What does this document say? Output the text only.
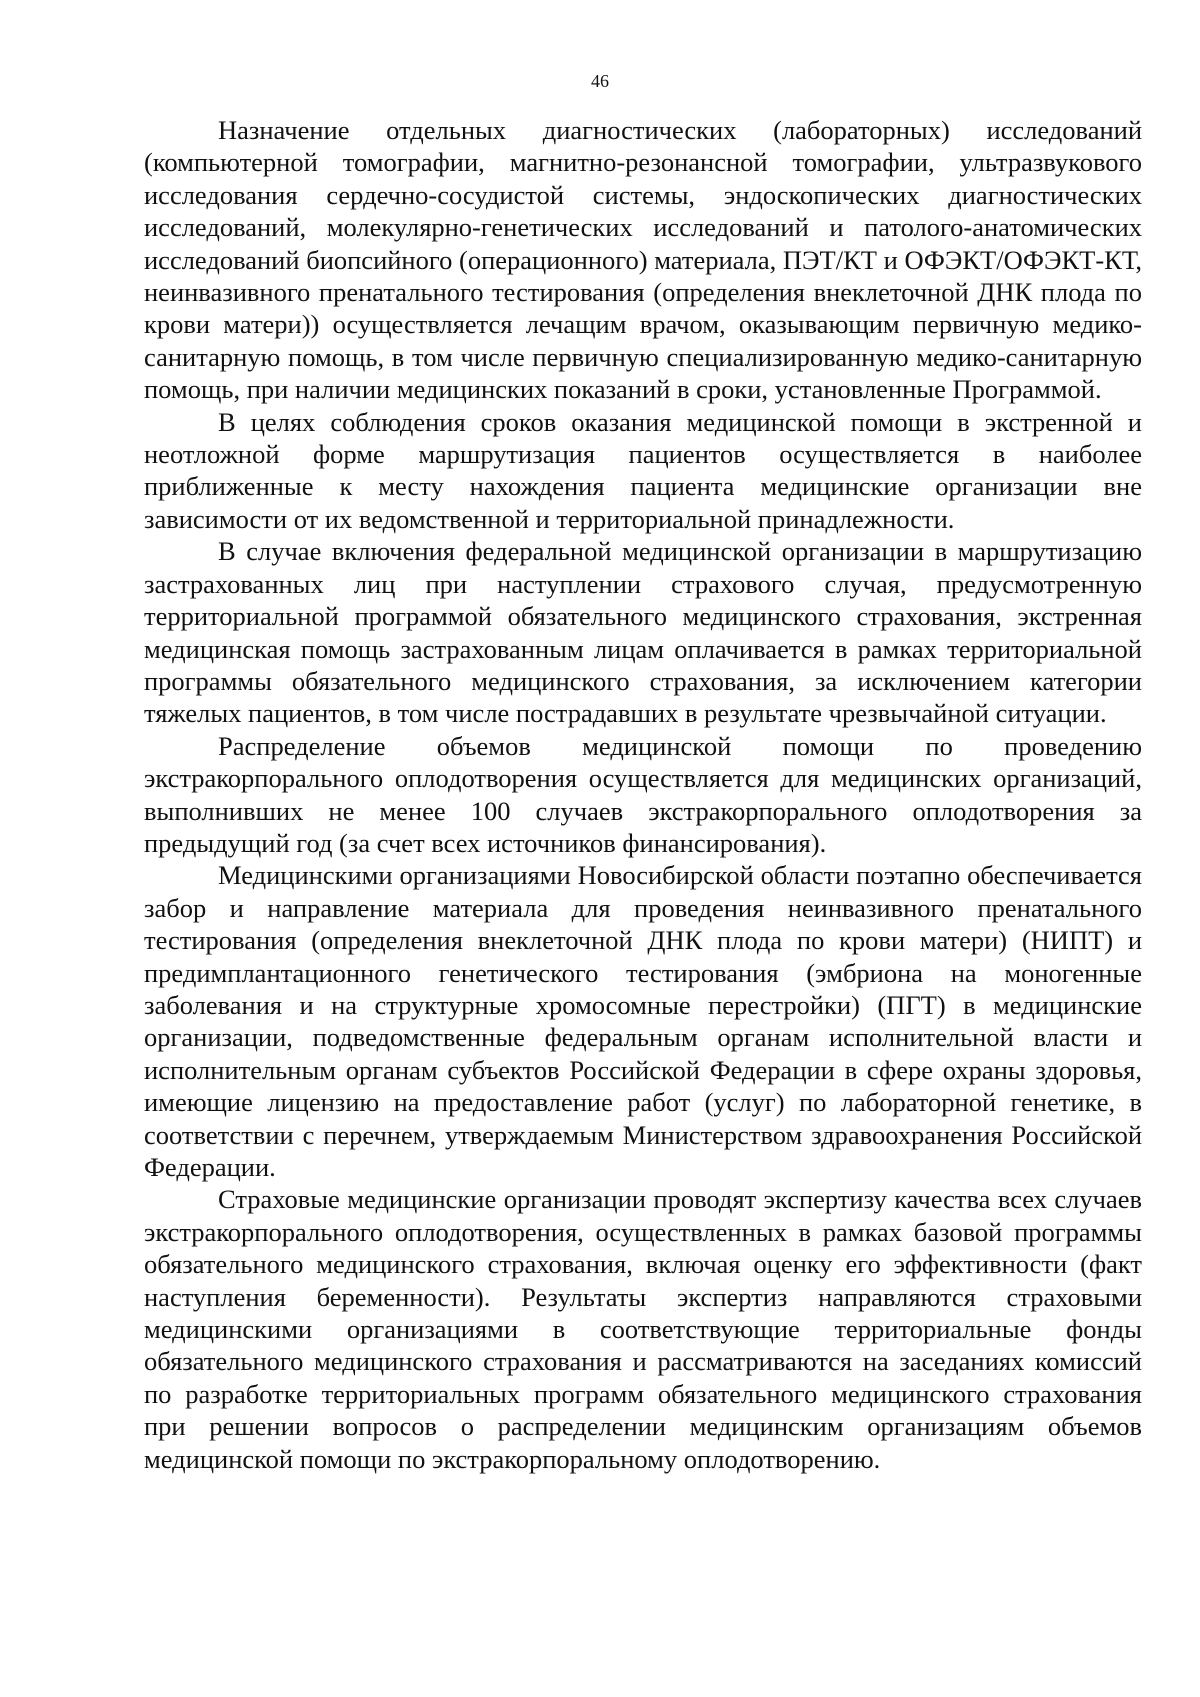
46

Назначение отдельных диагностических (лабораторных) исследований (компьютерной томографии, магнитно-резонансной томографии, ультразвукового исследования сердечно-сосудистой системы, эндоскопических диагностических исследований, молекулярно-генетических исследований и патолого-анатомических исследований биопсийного (операционного) материала, ПЭТ/КТ и ОФЭКТ/ОФЭКТ-КТ, неинвазивного пренатального тестирования (определения внеклеточной ДНК плода по крови матери)) осуществляется лечащим врачом, оказывающим первичную медико-санитарную помощь, в том числе первичную специализированную медико-санитарную помощь, при наличии медицинских показаний в сроки, установленные Программой.

В целях соблюдения сроков оказания медицинской помощи в экстренной и неотложной форме маршрутизация пациентов осуществляется в наиболее приближенные к месту нахождения пациента медицинские организации вне зависимости от их ведомственной и территориальной принадлежности.

В случае включения федеральной медицинской организации в маршрутизацию застрахованных лиц при наступлении страхового случая, предусмотренную территориальной программой обязательного медицинского страхования, экстренная медицинская помощь застрахованным лицам оплачивается в рамках территориальной программы обязательного медицинского страхования, за исключением категории тяжелых пациентов, в том числе пострадавших в результате чрезвычайной ситуации.

Распределение объемов медицинской помощи по проведению экстракорпорального оплодотворения осуществляется для медицинских организаций, выполнивших не менее 100 случаев экстракорпорального оплодотворения за предыдущий год (за счет всех источников финансирования).

Медицинскими организациями Новосибирской области поэтапно обеспечивается забор и направление материала для проведения неинвазивного пренатального тестирования (определения внеклеточной ДНК плода по крови матери) (НИПТ) и предимплантационного генетического тестирования (эмбриона на моногенные заболевания и на структурные хромосомные перестройки) (ПГТ) в медицинские организации, подведомственные федеральным органам исполнительной власти и исполнительным органам субъектов Российской Федерации в сфере охраны здоровья, имеющие лицензию на предоставление работ (услуг) по лабораторной генетике, в соответствии с перечнем, утверждаемым Министерством здравоохранения Российской Федерации.

Страховые медицинские организации проводят экспертизу качества всех случаев экстракорпорального оплодотворения, осуществленных в рамках базовой программы обязательного медицинского страхования, включая оценку его эффективности (факт наступления беременности). Результаты экспертиз направляются страховыми медицинскими организациями в соответствующие территориальные фонды обязательного медицинского страхования и рассматриваются на заседаниях комиссий по разработке территориальных программ обязательного медицинского страхования при решении вопросов о распределении медицинским организациям объемов медицинской помощи по экстракорпоральному оплодотворению.
